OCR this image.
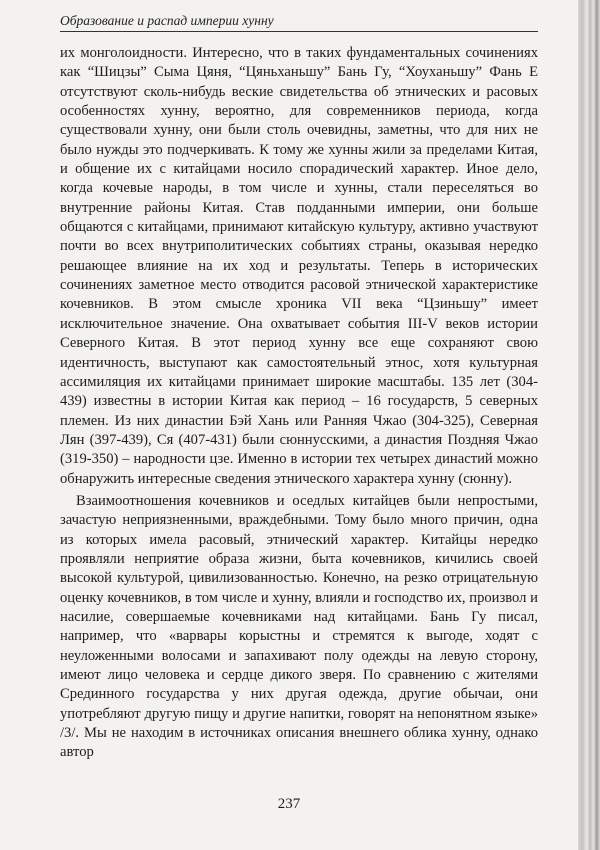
Образование и распад империи хунну

их монголоидности. Интересно, что в таких фундаментальных сочинениях как “Шицзы” Сыма Цяня, “Цяньханьшу” Бань Гу, “Хоуханьшу” Фань Е отсутствуют сколь-нибудь веские свидетельства об этнических и расовых особенностях хунну, вероятно, для современников периода, когда существовали хунну, они были столь очевидны, заметны, что для них не было нужды это подчеркивать. К тому же хунны жили за пределами Китая, и общение их с китайцами носило спорадический характер. Иное дело, когда кочевые народы, в том числе и хунны, стали переселяться во внутренние районы Китая. Став подданными империи, они больше общаются с китайцами, принимают китайскую культуру, активно участвуют почти во всех внутриполитических событиях страны, оказывая нередко решающее влияние на их ход и результаты. Теперь в исторических сочинениях заметное место отводится расовой этнической характеристике кочевников. В этом смысле хроника VII века “Цзиньшу” имеет исключительное значение. Она охватывает события III-V веков истории Северного Китая. В этот период хунну все еще сохраняют свою идентичность, выступают как самостоятельный этнос, хотя культурная ассимиляция их китайцами принимает широкие масштабы. 135 лет (304-439) известны в истории Китая как период – 16 государств, 5 северных племен. Из них династии Бэй Хань или Ранняя Чжао (304-325), Северная Лян (397-439), Ся (407-431) были сюннусскими, а династия Поздняя Чжао (319-350) – народности цзе. Именно в истории тех четырех династий можно обнаружить интересные сведения этнического характера хунну (сюнну).

Взаимоотношения кочевников и оседлых китайцев были непростыми, зачастую неприязненными, враждебными. Тому было много причин, одна из которых имела расовый, этнический характер. Китайцы нередко проявляли неприятие образа жизни, быта кочевников, кичились своей высокой культурой, цивилизованностью. Конечно, на резко отрицательную оценку кочевников, в том числе и хунну, влияли и господство их, произвол и насилие, совершаемые кочевниками над китайцами. Бань Гу писал, например, что «варвары корыстны и стремятся к выгоде, ходят с неуложенными волосами и запахивают полу одежды на левую сторону, имеют лицо человека и сердце дикого зверя. По сравнению с жителями Срединного государства у них другая одежда, другие обычаи, они употребляют другую пищу и другие напитки, говорят на непонятном языке» /3/. Мы не находим в источниках описания внешнего облика хунну, однако автор

237
